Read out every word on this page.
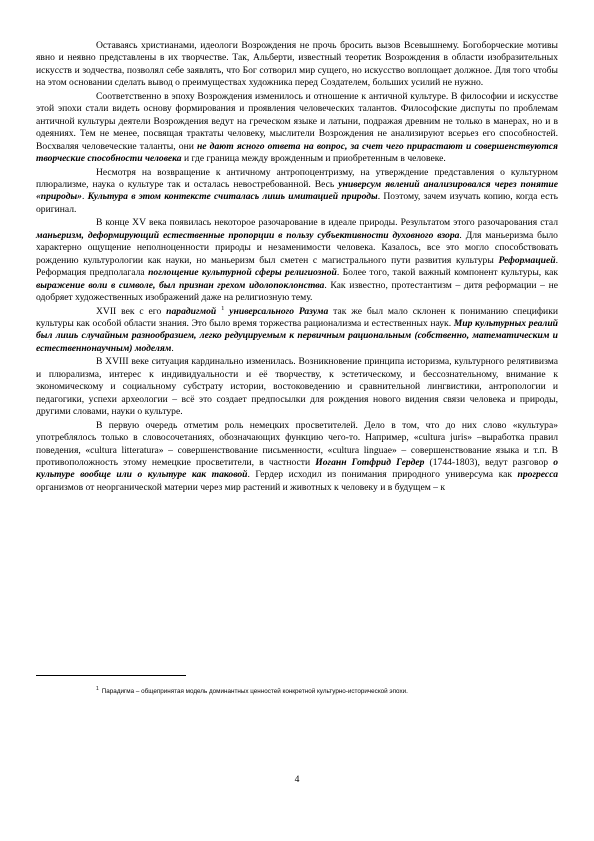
Оставаясь христианами, идеологи Возрождения не прочь бросить вызов Всевышнему. Богоборческие мотивы явно и неявно представлены в их творчестве. Так, Альберти, известный теоретик Возрождения в области изобразительных искусств и зодчества, позволял себе заявлять, что Бог сотворил мир сущего, но искусство воплощает должное. Для того чтобы на этом основании сделать вывод о преимуществах художника перед Создателем, больших усилий не нужно.

Соответственно в эпоху Возрождения изменилось и отношение к античной культуре. В философии и искусстве этой эпохи стали видеть основу формирования и проявления человеческих талантов. Философские диспуты по проблемам античной культуры деятели Возрождения ведут на греческом языке и латыни, подражая древним не только в манерах, но и в одеяниях. Тем не менее, посвящая трактаты человеку, мыслители Возрождения не анализируют всерьез его способностей. Восхваляя человеческие таланты, они не дают ясного ответа на вопрос, за счет чего прирастают и совершенствуются творческие способности человека и где граница между врожденным и приобретенным в человеке.

Несмотря на возвращение к античному антропоцентризму, на утверждение представления о культурном плюрализме, наука о культуре так и осталась невостребованной. Весь универсум явлений анализировался через понятие «природы». Культура в этом контексте считалась лишь имитацией природы. Поэтому, зачем изучать копию, когда есть оригинал.

В конце XV века появилась некоторое разочарование в идеале природы. Результатом этого разочарования стал маньеризм, деформирующий естественные пропорции в пользу субъективности духовного взора. Для маньеризма было характерно ощущение неполноценности природы и незаменимости человека. Казалось, все это могло способствовать рождению культурологии как науки, но маньеризм был сметен с магистрального пути развития культуры Реформацией. Реформация предполагала поглощение культурной сферы религиозной. Более того, такой важный компонент культуры, как выражение воли в символе, был признан грехом идолопоклонства. Как известно, протестантизм – дитя реформации – не одобряет художественных изображений даже на религиозную тему.

XVII век с его парадигмой $^1$ универсального Разума так же был мало склонен к пониманию специфики культуры как особой области знания. Это было время торжества рационализма и естественных наук. Мир культурных реалий был лишь случайным разнообразием, легко редуцируемым к первичным рациональным (собственно, математическим и естественнонаучным) моделям.

В XVIII веке ситуация кардинально изменилась. Возникновение принципа историзма, культурного релятивизма и плюрализма, интерес к индивидуальности и её творчеству, к эстетическому, и бессознательному, внимание к экономическому и социальному субстрату истории, востоковедению и сравнительной лингвистики, антропологии и педагогики, успехи археологии – всё это создает предпосылки для рождения нового видения связи человека и природы, другими словами, науки о культуре.

В первую очередь отметим роль немецких просветителей. Дело в том, что до них слово «культура» употреблялось только в словосочетаниях, обозначающих функцию чего-то. Например, «cultura juris» –выработка правил поведения, «cultura litteratura» – совершенствование письменности, «cultura linguae» – совершенствование языка и т.п. В противоположность этому немецкие просветители, в частности Иоганн Готфрид Гердер (1744-1803), ведут разговор о культуре вообще или о культуре как таковой. Гердер исходил из понимания природного универсума как прогресса организмов от неорганической материи через мир растений и животных к человеку и в будущем – к

$^1$ Парадигма – общепринятая модель доминантных ценностей конкретной культурно-исторической эпохи.
4
